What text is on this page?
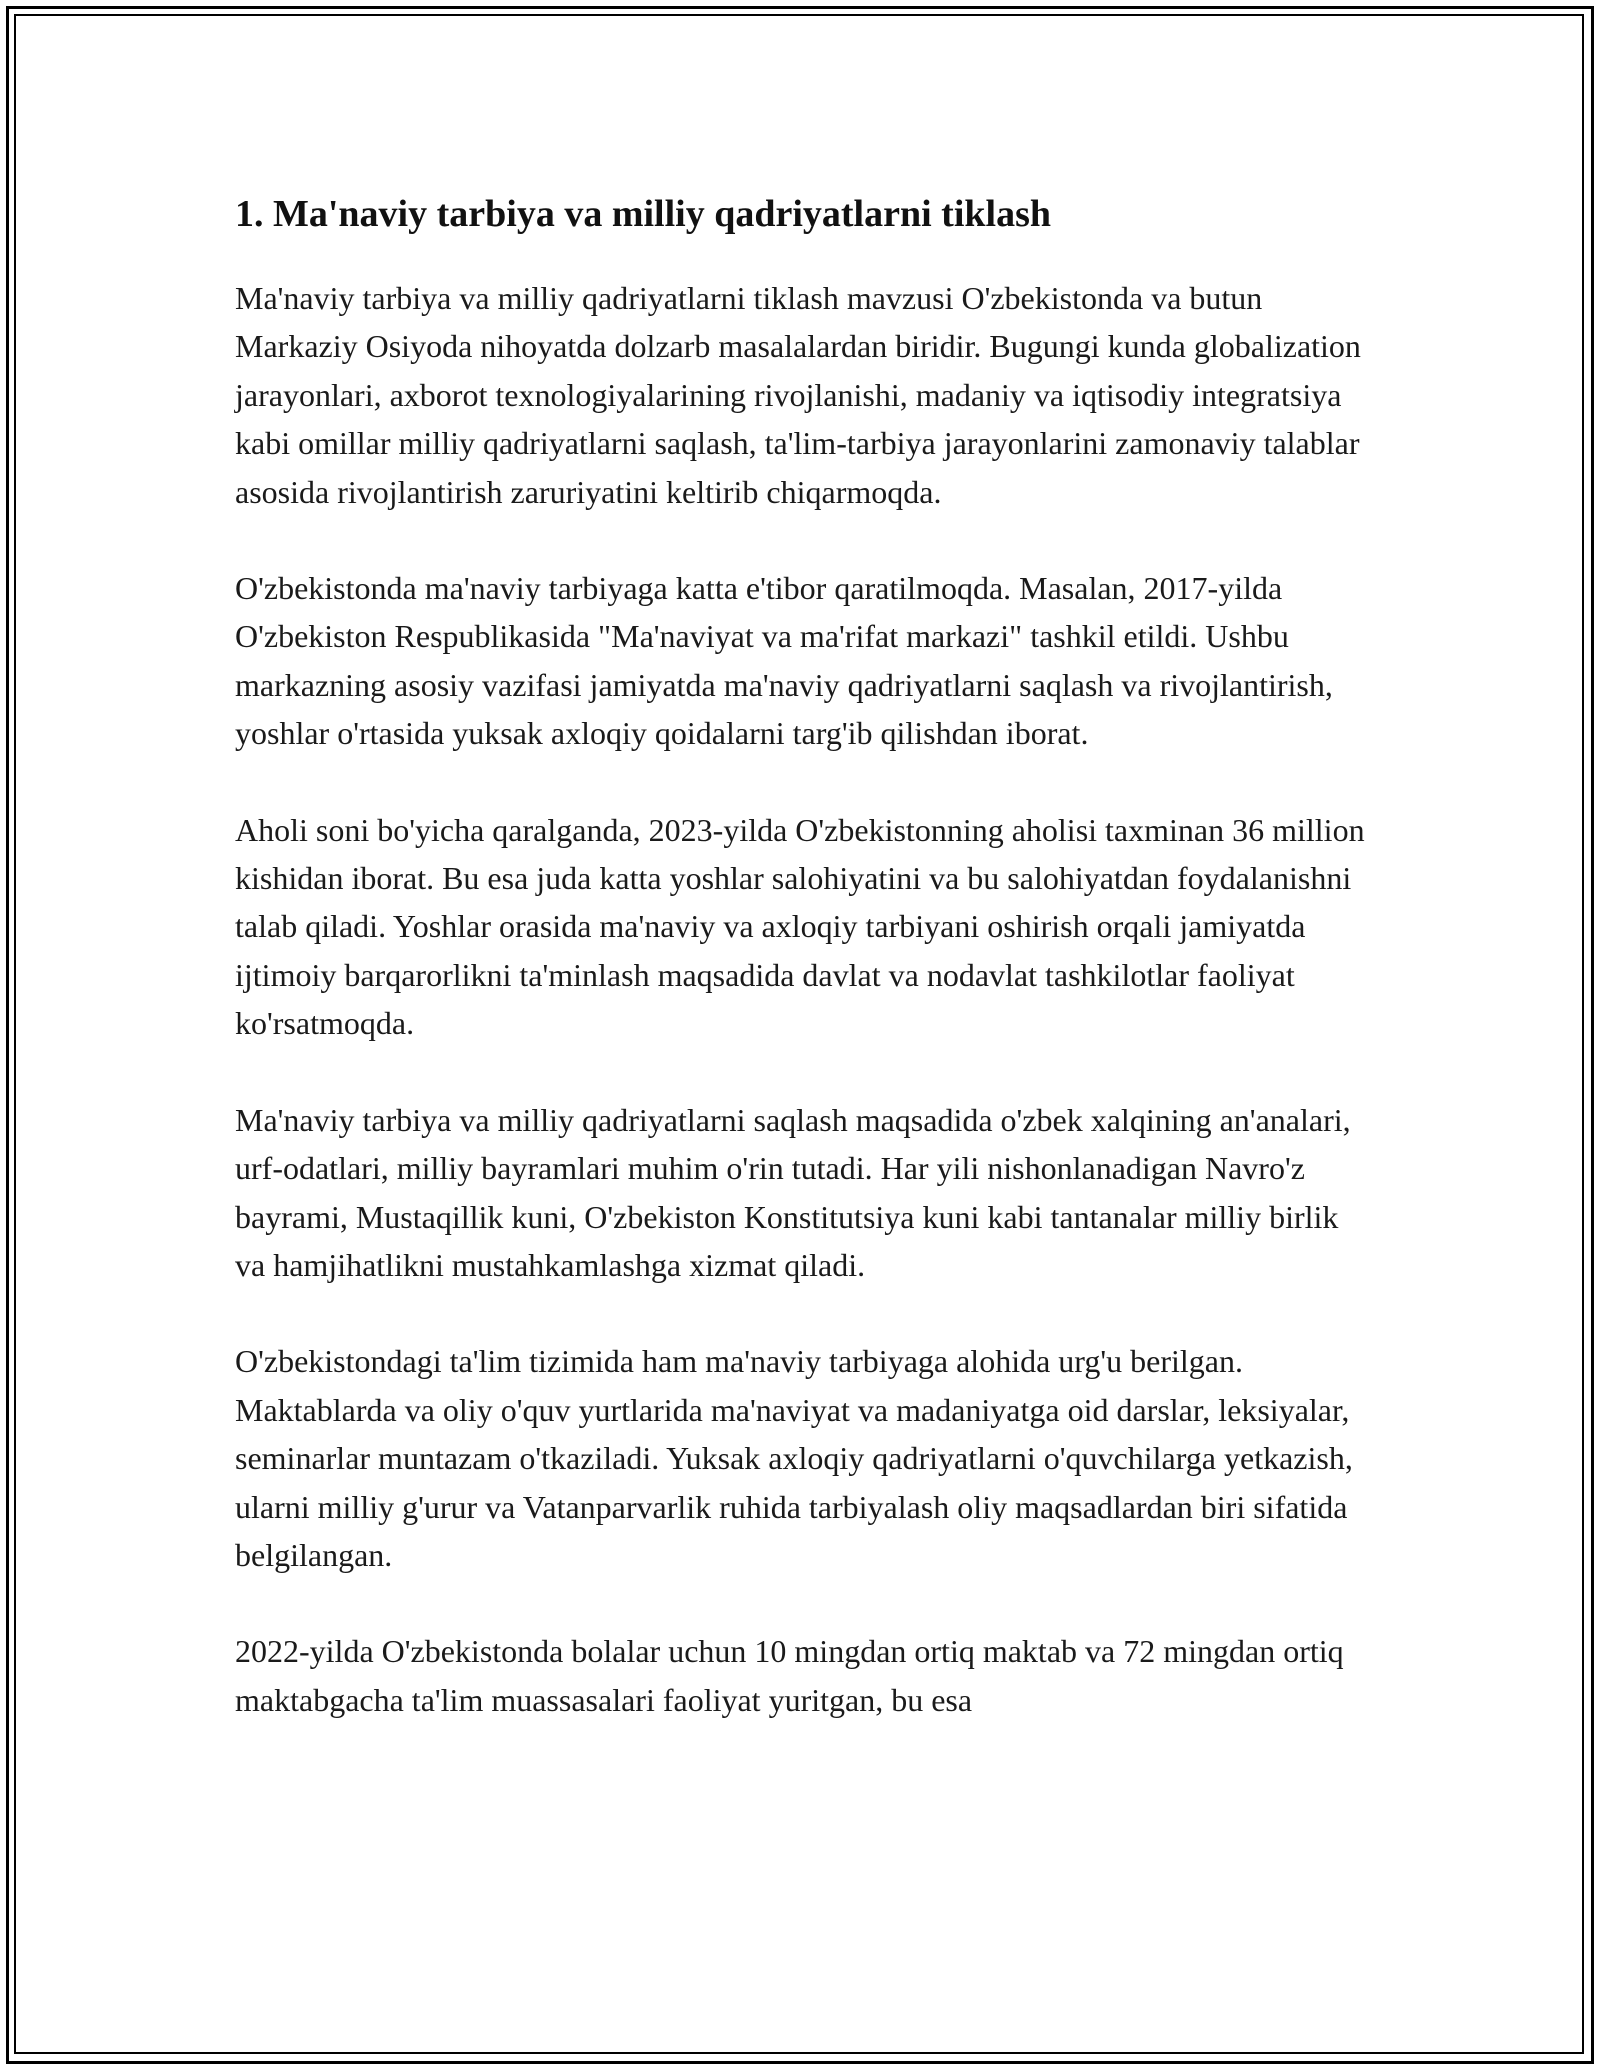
1. Ma'naviy tarbiya va milliy qadriyatlarni tiklash

Ma'naviy tarbiya va milliy qadriyatlarni tiklash mavzusi O'zbekistonda va butun Markaziy Osiyoda nihoyatda dolzarb masalalardan biridir. Bugungi kunda globalization jarayonlari, axborot texnologiyalarining rivojlanishi, madaniy va iqtisodiy integratsiya kabi omillar milliy qadriyatlarni saqlash, ta'lim-tarbiya jarayonlarini zamonaviy talablar asosida rivojlantirish zaruriyatini keltirib chiqarmoqda.

O'zbekistonda ma'naviy tarbiyaga katta e'tibor qaratilmoqda. Masalan, 2017-yilda O'zbekiston Respublikasida "Ma'naviyat va ma'rifat markazi" tashkil etildi. Ushbu markazning asosiy vazifasi jamiyatda ma'naviy qadriyatlarni saqlash va rivojlantirish, yoshlar o'rtasida yuksak axloqiy qoidalarni targ'ib qilishdan iborat.

Aholi soni bo'yicha qaralganda, 2023-yilda O'zbekistonning aholisi taxminan 36 million kishidan iborat. Bu esa juda katta yoshlar salohiyatini va bu salohiyatdan foydalanishni talab qiladi. Yoshlar orasida ma'naviy va axloqiy tarbiyani oshirish orqali jamiyatda ijtimoiy barqarorlikni ta'minlash maqsadida davlat va nodavlat tashkilotlar faoliyat ko'rsatmoqda.

Ma'naviy tarbiya va milliy qadriyatlarni saqlash maqsadida o'zbek xalqining an'analari, urf-odatlari, milliy bayramlari muhim o'rin tutadi. Har yili nishonlanadigan Navro'z bayrami, Mustaqillik kuni, O'zbekiston Konstitutsiya kuni kabi tantanalar milliy birlik va hamjihatlikni mustahkamlashga xizmat qiladi.

O'zbekistondagi ta'lim tizimida ham ma'naviy tarbiyaga alohida urg'u berilgan. Maktablarda va oliy o'quv yurtlarida ma'naviyat va madaniyatga oid darslar, leksiyalar, seminarlar muntazam o'tkaziladi. Yuksak axloqiy qadriyatlarni o'quvchilarga yetkazish, ularni milliy g'urur va Vatanparvarlik ruhida tarbiyalash oliy maqsadlardan biri sifatida belgilangan.

2022-yilda O'zbekistonda bolalar uchun 10 mingdan ortiq maktab va 72 mingdan ortiq maktabgacha ta'lim muassasalari faoliyat yuritgan, bu esa
